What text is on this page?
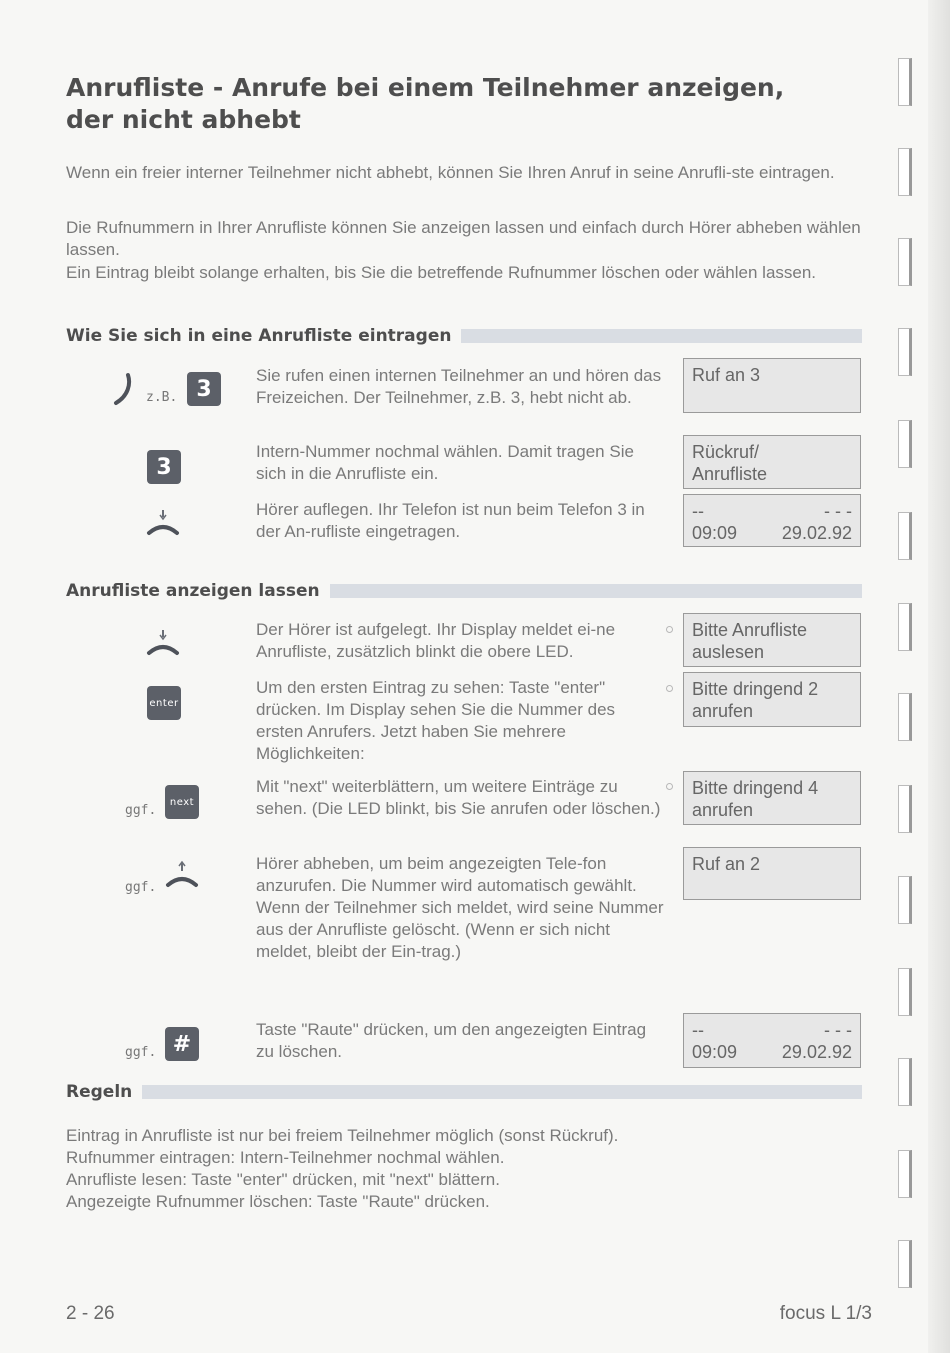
Anrufliste - Anrufe bei einem Teilnehmer anzeigen, der nicht abhebt
Wenn ein freier interner Teilnehmer nicht abhebt, können Sie Ihren Anruf in seine Anrufli-ste eintragen.
Die Rufnummern in Ihrer Anrufliste können Sie anzeigen lassen und einfach durch Hörer abheben wählen lassen.
Ein Eintrag bleibt solange erhalten, bis Sie die betreffende Rufnummer löschen oder wählen lassen.
Wie Sie sich in eine Anrufliste eintragen
z.B. 3
Sie rufen einen internen Teilnehmer an und hören das Freizeichen. Der Teilnehmer, z.B. 3, hebt nicht ab.
Ruf an 3
3
Intern-Nummer nochmal wählen. Damit tragen Sie sich in die Anrufliste ein.
Rückruf/
Anrufliste
Hörer auflegen. Ihr Telefon ist nun beim Telefon 3 in der An-rufliste eingetragen.
--	- - -
09:09 29.02.92
Anrufliste anzeigen lassen
Der Hörer ist aufgelegt. Ihr Display meldet ei-ne Anrufliste, zusätzlich blinkt die obere LED.
Bitte Anrufliste
auslesen
enter
Um den ersten Eintrag zu sehen: Taste "enter" drücken. Im Display sehen Sie die Nummer des ersten Anrufers. Jetzt haben Sie mehrere Möglichkeiten:
Bitte dringend 2
anrufen
ggf.
next
Mit "next" weiterblättern, um weitere Einträge zu sehen. (Die LED blinkt, bis Sie anrufen oder löschen.)
Bitte dringend 4
anrufen
ggf.
Hörer abheben, um beim angezeigten Tele-fon anzurufen. Die Nummer wird automatisch gewählt. Wenn der Teilnehmer sich meldet, wird seine Nummer aus der Anrufliste gelöscht. (Wenn er sich nicht meldet, bleibt der Ein-trag.)
Ruf an 2
ggf. #
Taste "Raute" drücken, um den angezeigten Eintrag zu löschen.
--	- - -
09:09 29.02.92
Regeln
Eintrag in Anrufliste ist nur bei freiem Teilnehmer möglich (sonst Rückruf).
Rufnummer eintragen: Intern-Teilnehmer nochmal wählen.
Anrufliste lesen: Taste "enter" drücken, mit "next" blättern.
Angezeigte Rufnummer löschen: Taste "Raute" drücken.
2 - 26	focus L 1/3
